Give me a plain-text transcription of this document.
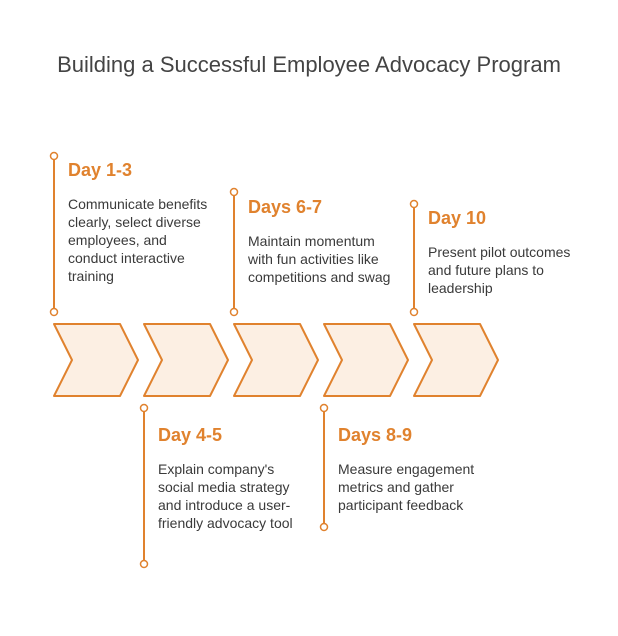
Building a Successful Employee Advocacy Program
Day 1-3
Communicate benefits clearly, select diverse employees, and conduct interactive training
Day 4-5
Explain company's social media strategy and introduce a user-friendly advocacy tool
Days 6-7
Maintain momentum with fun activities like competitions and swag
Days 8-9
Measure engagement metrics and gather participant feedback
Day 10
Present pilot outcomes and future plans to leadership
